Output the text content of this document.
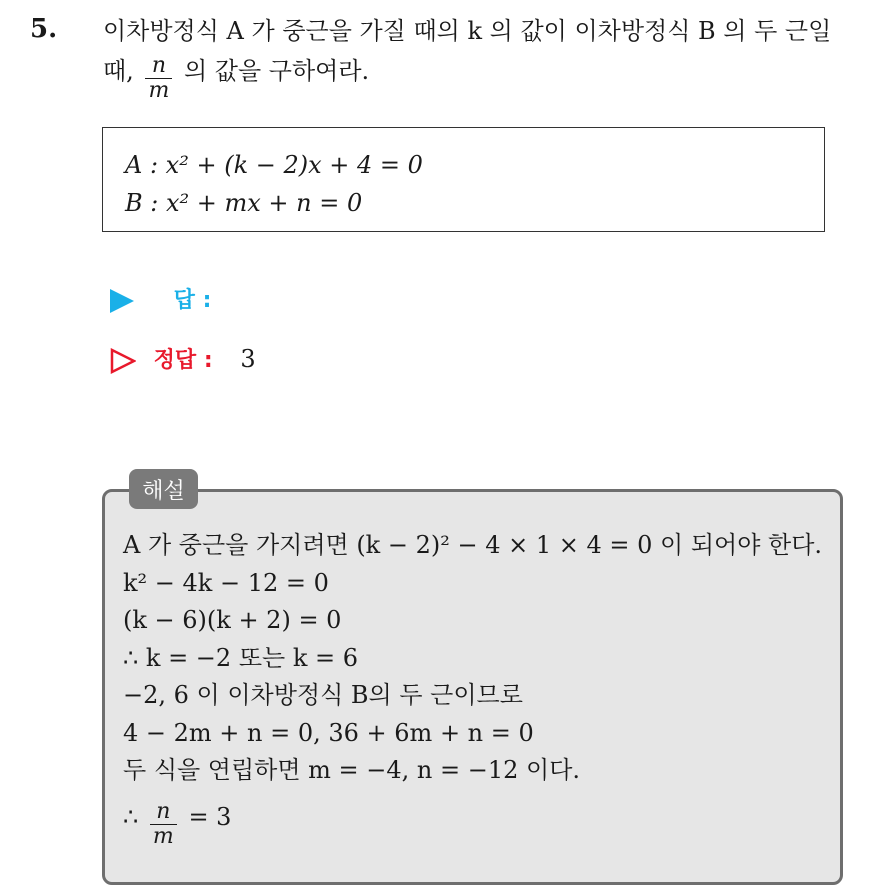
5. 이차방정식 A 가 중근을 가질 때의 k 의 값이 이차방정식 B 의 두 근일
때, $\frac{n}{m}$ 의 값을 구하여라.
A : x² + (k − 2)x + 4 = 0
B : x² + mx + n = 0
답 :
정답 : 3
해설
A 가 중근을 가지려면 (k − 2)² − 4 × 1 × 4 = 0 이 되어야 한다.
k² − 4k − 12 = 0
(k − 6)(k + 2) = 0
∴ k = −2 또는 k = 6
−2, 6 이 이차방정식 B의 두 근이므로
4 − 2m + n = 0, 36 + 6m + n = 0
두 식을 연립하면 m = −4, n = −12 이다.
∴ $\frac{n}{m} = 3$
